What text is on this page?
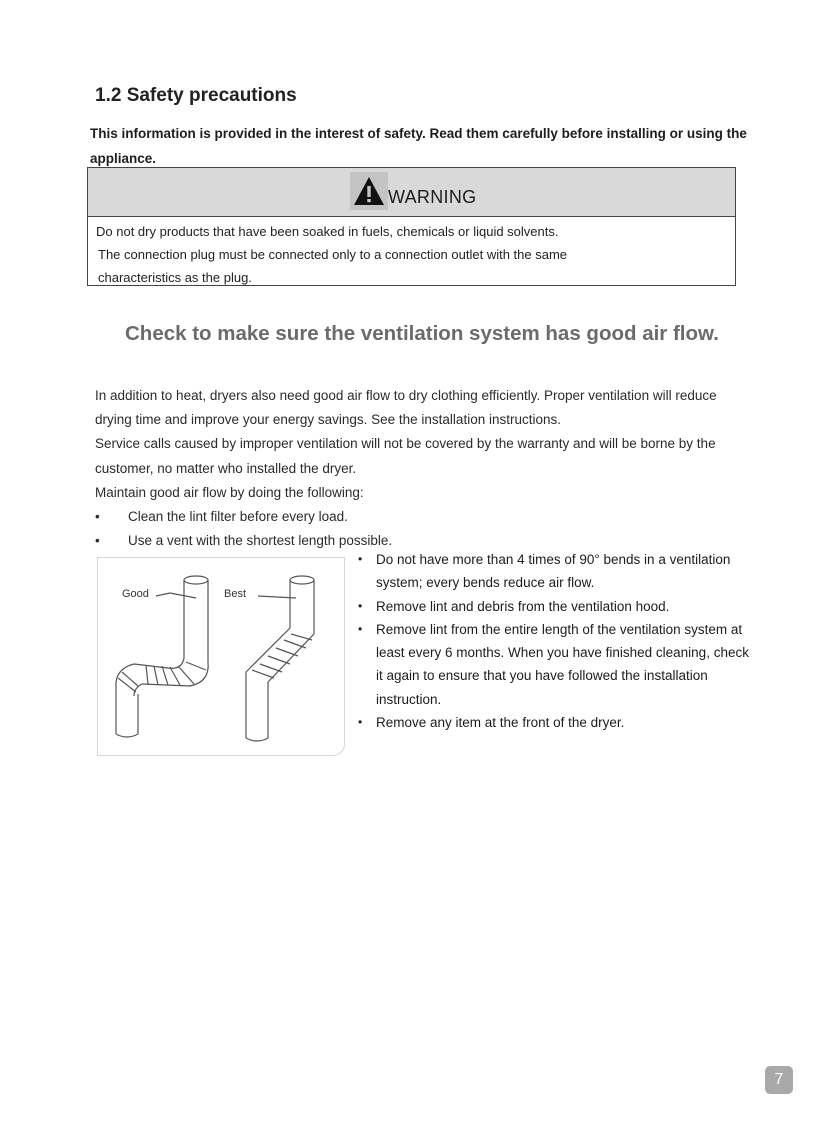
1.2 Safety precautions

This information is provided in the interest of safety. Read them carefully before installing or using the appliance.

WARNING

Do not dry products that have been soaked in fuels, chemicals or liquid solvents.

The connection plug must be connected only to a connection outlet with the same

characteristics as the plug.

Check to make sure the ventilation system has good air flow.

In addition to heat, dryers also need good air flow to dry clothing efficiently. Proper ventilation will reduce drying time and improve your energy savings. See the installation instructions.

Service calls caused by improper ventilation will not be covered by the warranty and will be borne by the customer, no matter who installed the dryer.

Maintain good air flow by doing the following:

• Clean the lint filter before every load.
• Use a vent with the shortest length possible.
Good	Best
• Do not have more than 4 times of 90° bends in a ventilation system; every bends reduce air flow.
• Remove lint and debris from the ventilation hood.
• Remove lint from the entire length of the ventilation system at least every 6 months. When you have finished cleaning, check it again to ensure that you have followed the installation instruction.
• Remove any item at the front of the dryer.
7
